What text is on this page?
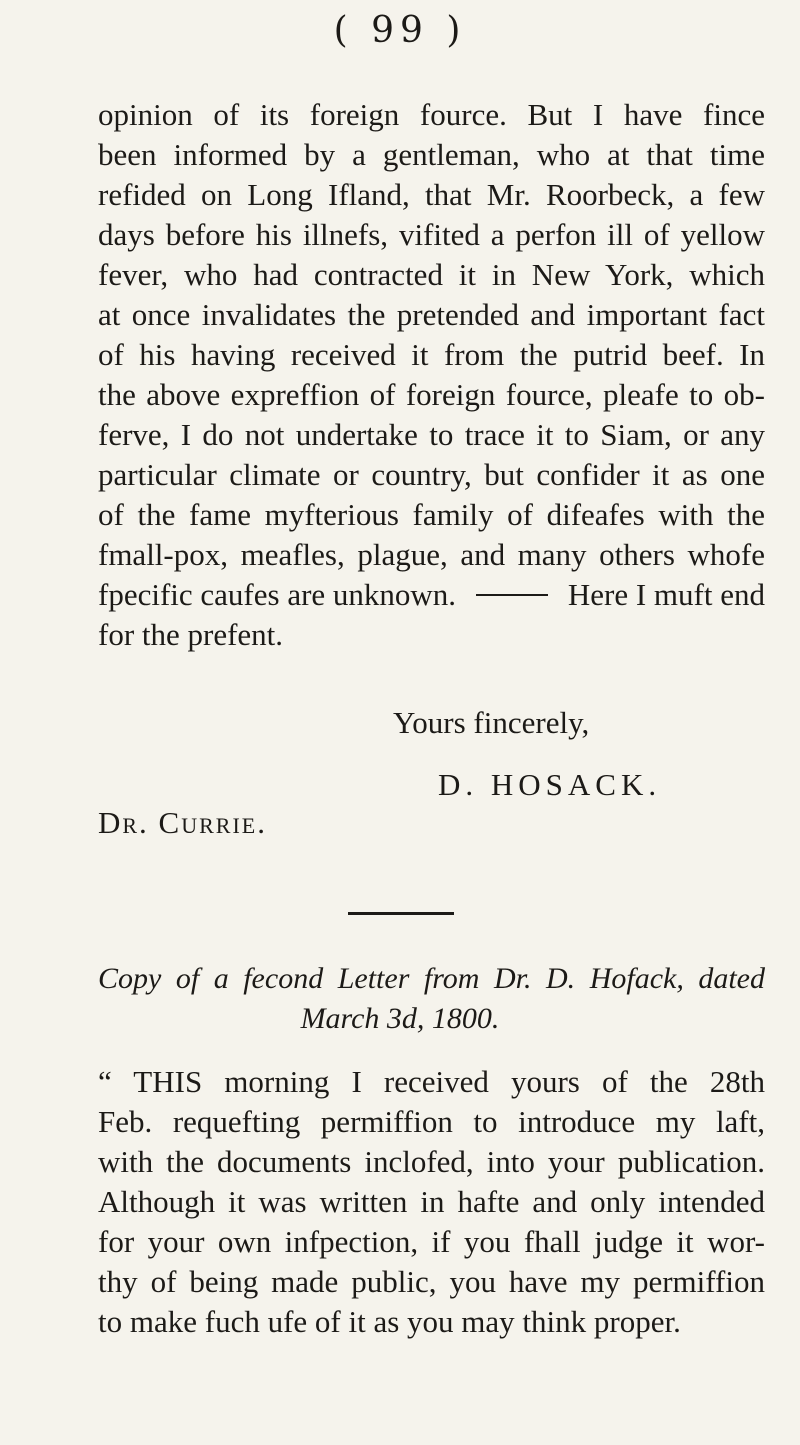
( 99 )
opinion of its foreign fource. But I have fince
been informed by a gentleman, who at that time
refided on Long Ifland, that Mr. Roorbeck, a few
days before his illnefs, vifited a perfon ill of yellow
fever, who had contracted it in New York, which
at once invalidates the pretended and important fact
of his having received it from the putrid beef. In
the above expreffion of foreign fource, pleafe to ob-
ferve, I do not undertake to trace it to Siam, or any
particular climate or country, but confider it as one
of the fame myfterious family of difeafes with the
fmall-pox, meafles, plague, and many others whofe
fpecific caufes are unknown.	Here I muft end
for the prefent.
Yours fincerely,
D. HOSACK.
Dr. Currie.
Copy of a fecond Letter from Dr. D. Hofack, dated
March 3d, 1800.
“ THIS morning I received yours of the 28th
Feb. requefting permiffion to introduce my laft,
with the documents inclofed, into your publication.
Although it was written in hafte and only intended
for your own infpection, if you fhall judge it wor-
thy of being made public, you have my permiffion
to make fuch ufe of it as you may think proper.
